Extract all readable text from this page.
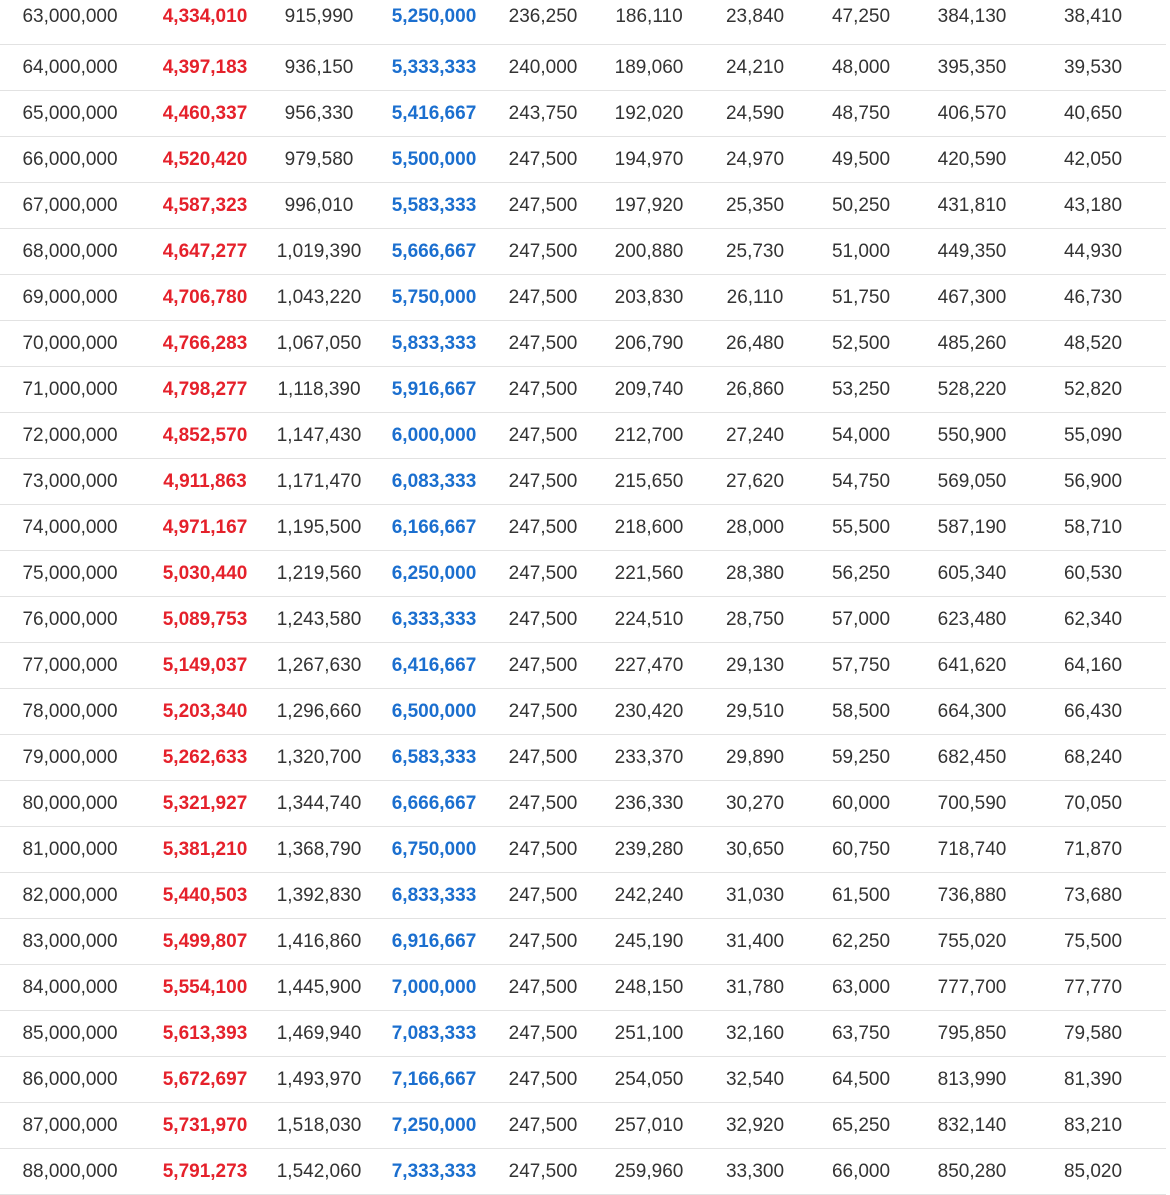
63,000,000	4,334,010	915,990	5,250,000	236,250	186,110	23,840	47,250	384,130	38,410
64,000,000	4,397,183	936,150	5,333,333	240,000	189,060	24,210	48,000	395,350	39,530
65,000,000	4,460,337	956,330	5,416,667	243,750	192,020	24,590	48,750	406,570	40,650
66,000,000	4,520,420	979,580	5,500,000	247,500	194,970	24,970	49,500	420,590	42,050
67,000,000	4,587,323	996,010	5,583,333	247,500	197,920	25,350	50,250	431,810	43,180
68,000,000	4,647,277	1,019,390	5,666,667	247,500	200,880	25,730	51,000	449,350	44,930
69,000,000	4,706,780	1,043,220	5,750,000	247,500	203,830	26,110	51,750	467,300	46,730
70,000,000	4,766,283	1,067,050	5,833,333	247,500	206,790	26,480	52,500	485,260	48,520
71,000,000	4,798,277	1,118,390	5,916,667	247,500	209,740	26,860	53,250	528,220	52,820
72,000,000	4,852,570	1,147,430	6,000,000	247,500	212,700	27,240	54,000	550,900	55,090
73,000,000	4,911,863	1,171,470	6,083,333	247,500	215,650	27,620	54,750	569,050	56,900
74,000,000	4,971,167	1,195,500	6,166,667	247,500	218,600	28,000	55,500	587,190	58,710
75,000,000	5,030,440	1,219,560	6,250,000	247,500	221,560	28,380	56,250	605,340	60,530
76,000,000	5,089,753	1,243,580	6,333,333	247,500	224,510	28,750	57,000	623,480	62,340
77,000,000	5,149,037	1,267,630	6,416,667	247,500	227,470	29,130	57,750	641,620	64,160
78,000,000	5,203,340	1,296,660	6,500,000	247,500	230,420	29,510	58,500	664,300	66,430
79,000,000	5,262,633	1,320,700	6,583,333	247,500	233,370	29,890	59,250	682,450	68,240
80,000,000	5,321,927	1,344,740	6,666,667	247,500	236,330	30,270	60,000	700,590	70,050
81,000,000	5,381,210	1,368,790	6,750,000	247,500	239,280	30,650	60,750	718,740	71,870
82,000,000	5,440,503	1,392,830	6,833,333	247,500	242,240	31,030	61,500	736,880	73,680
83,000,000	5,499,807	1,416,860	6,916,667	247,500	245,190	31,400	62,250	755,020	75,500
84,000,000	5,554,100	1,445,900	7,000,000	247,500	248,150	31,780	63,000	777,700	77,770
85,000,000	5,613,393	1,469,940	7,083,333	247,500	251,100	32,160	63,750	795,850	79,580
86,000,000	5,672,697	1,493,970	7,166,667	247,500	254,050	32,540	64,500	813,990	81,390
87,000,000	5,731,970	1,518,030	7,250,000	247,500	257,010	32,920	65,250	832,140	83,210
88,000,000	5,791,273	1,542,060	7,333,333	247,500	259,960	33,300	66,000	850,280	85,020
